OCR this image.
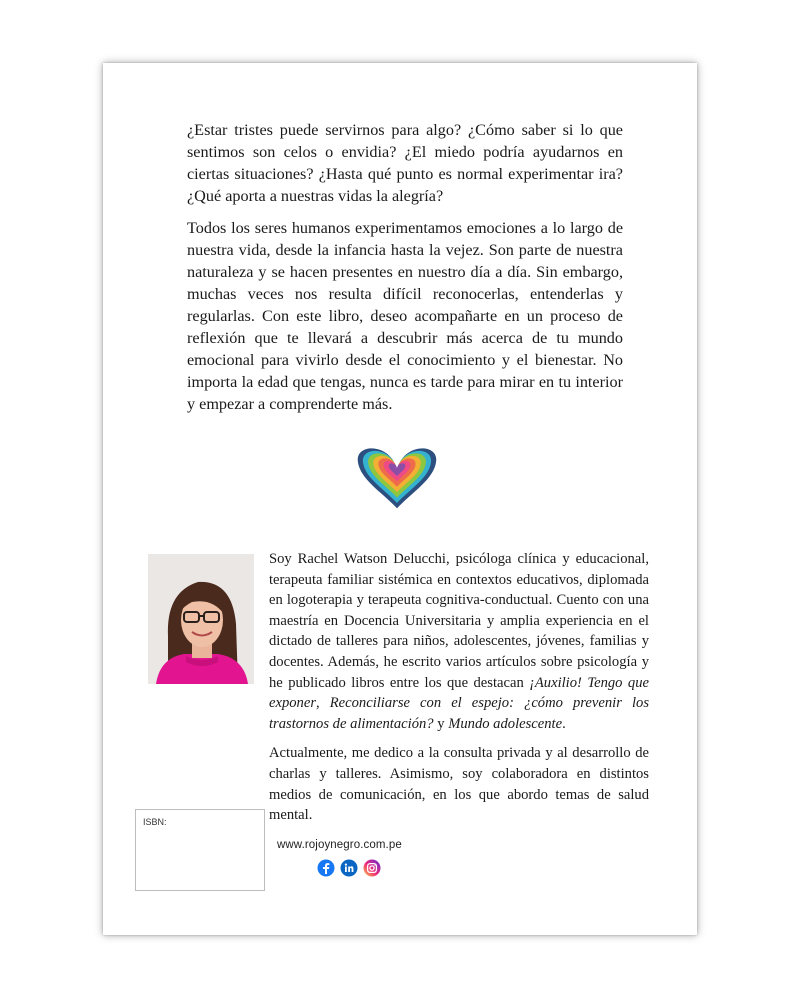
¿Estar tristes puede servirnos para algo? ¿Cómo saber si lo que sentimos son celos o envidia? ¿El miedo podría ayudarnos en ciertas situaciones? ¿Hasta qué punto es normal experimentar ira? ¿Qué aporta a nuestras vidas la alegría?

Todos los seres humanos experimentamos emociones a lo largo de nuestra vida, desde la infancia hasta la vejez. Son parte de nuestra naturaleza y se hacen presentes en nuestro día a día. Sin embargo, muchas veces nos resulta difícil reconocerlas, entenderlas y regularlas. Con este libro, deseo acompañarte en un proceso de reflexión que te llevará a descubrir más acerca de tu mundo emocional para vivirlo desde el conocimiento y el bienestar. No importa la edad que tengas, nunca es tarde para mirar en tu interior y empezar a comprenderte más.

Soy Rachel Watson Delucchi, psicóloga clínica y educacional, terapeuta familiar sistémica en contextos educativos, diplomada en logoterapia y terapeuta cognitiva-conductual. Cuento con una maestría en Docencia Universitaria y amplia experiencia en el dictado de talleres para niños, adolescentes, jóvenes, familias y docentes. Además, he escrito varios artículos sobre psicología y he publicado libros entre los que destacan ¡Auxilio! Tengo que exponer, Reconciliarse con el espejo: ¿cómo prevenir los trastornos de alimentación? y Mundo adolescente.

Actualmente, me dedico a la consulta privada y al desarrollo de charlas y talleres. Asimismo, soy colaboradora en distintos medios de comunicación, en los que abordo temas de salud mental.

ISBN:
www.rojoynegro.com.pe
